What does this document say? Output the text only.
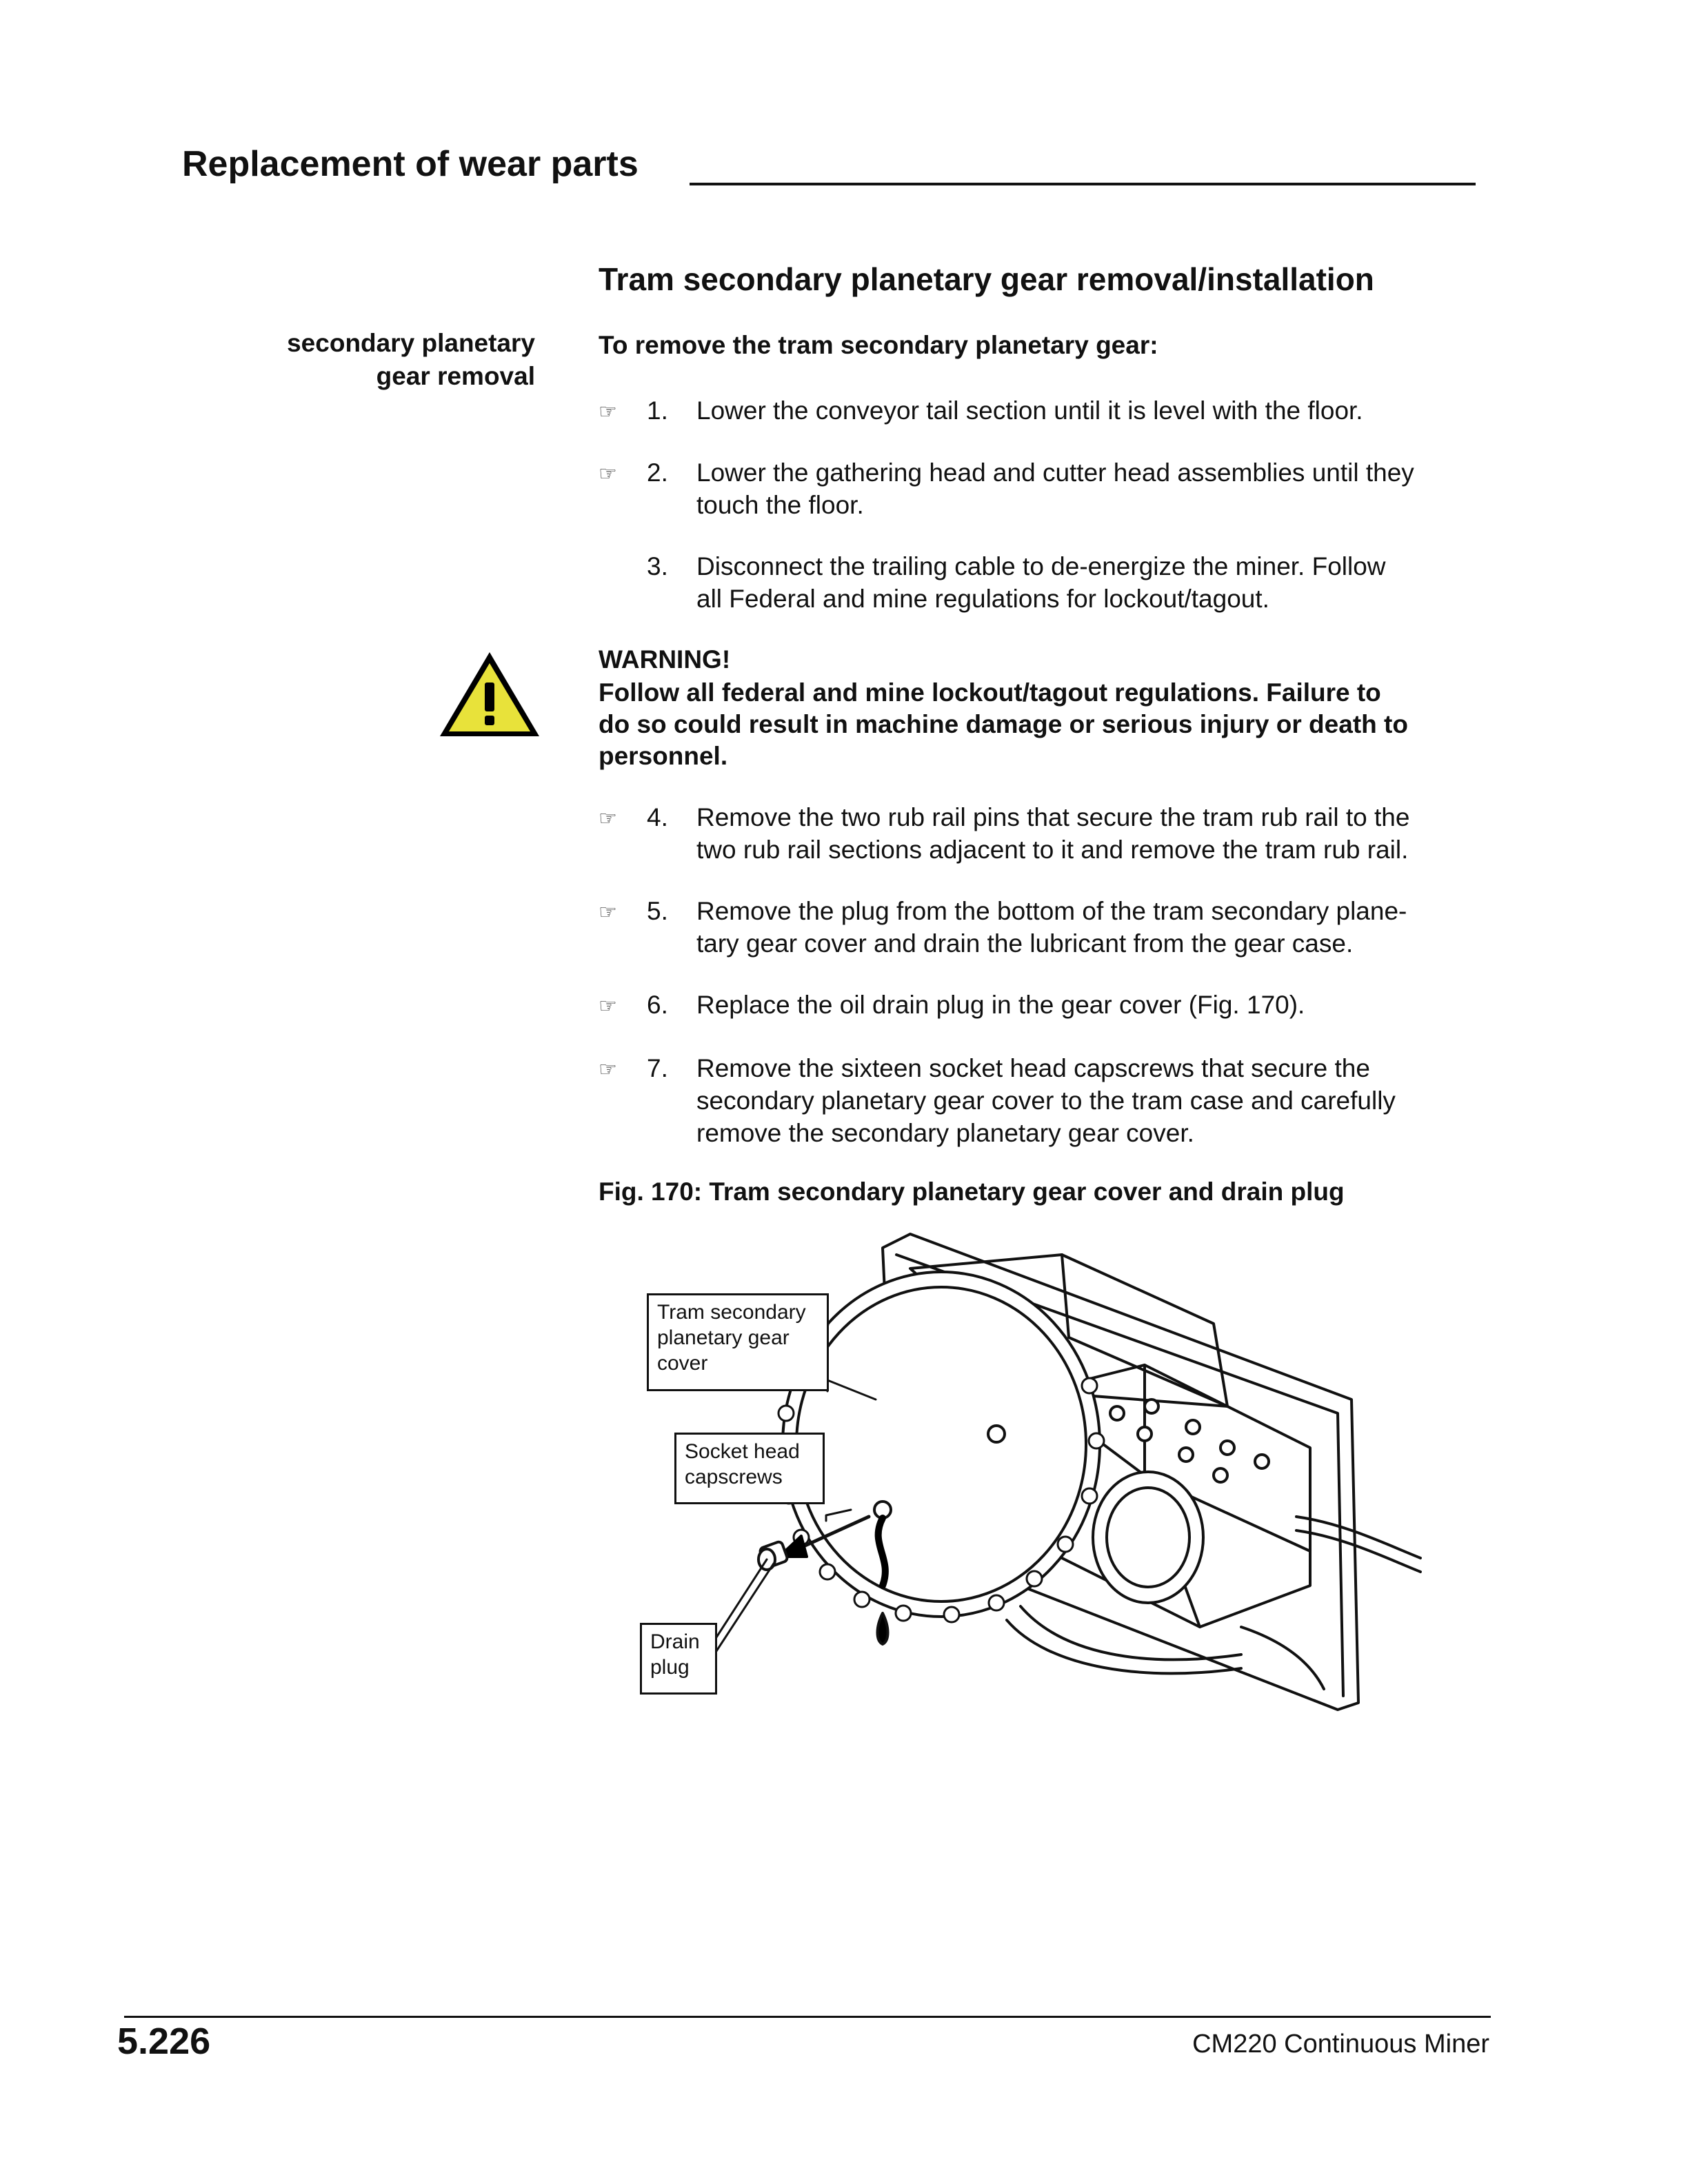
Replacement of wear parts
Tram secondary planetary gear removal/installation
secondary planetary
gear removal
To remove the tram secondary planetary gear:
☞	1.	Lower the conveyor tail section until it is level with the floor.
☞	2.	Lower the gathering head and cutter head assemblies until they
touch the floor.
3.	Disconnect the trailing cable to de-energize the miner. Follow
all Federal and mine regulations for lockout/tagout.
WARNING!
Follow all federal and mine lockout/tagout regulations. Failure to
do so could result in machine damage or serious injury or death to
personnel.
☞	4.	Remove the two rub rail pins that secure the tram rub rail to the
two rub rail sections adjacent to it and remove the tram rub rail.
☞	5.	Remove the plug from the bottom of the tram secondary plane-
tary gear cover and drain the lubricant from the gear case.
☞	6.	Replace the oil drain plug in the gear cover (Fig. 170).
☞	7.	Remove the sixteen socket head capscrews that secure the
secondary planetary gear cover to the tram case and carefully
remove the secondary planetary gear cover.
Fig. 170: Tram secondary planetary gear cover and drain plug
Tram secondary
planetary gear
cover
Socket head
capscrews
Drain
plug
5.226	CM220 Continuous Miner
